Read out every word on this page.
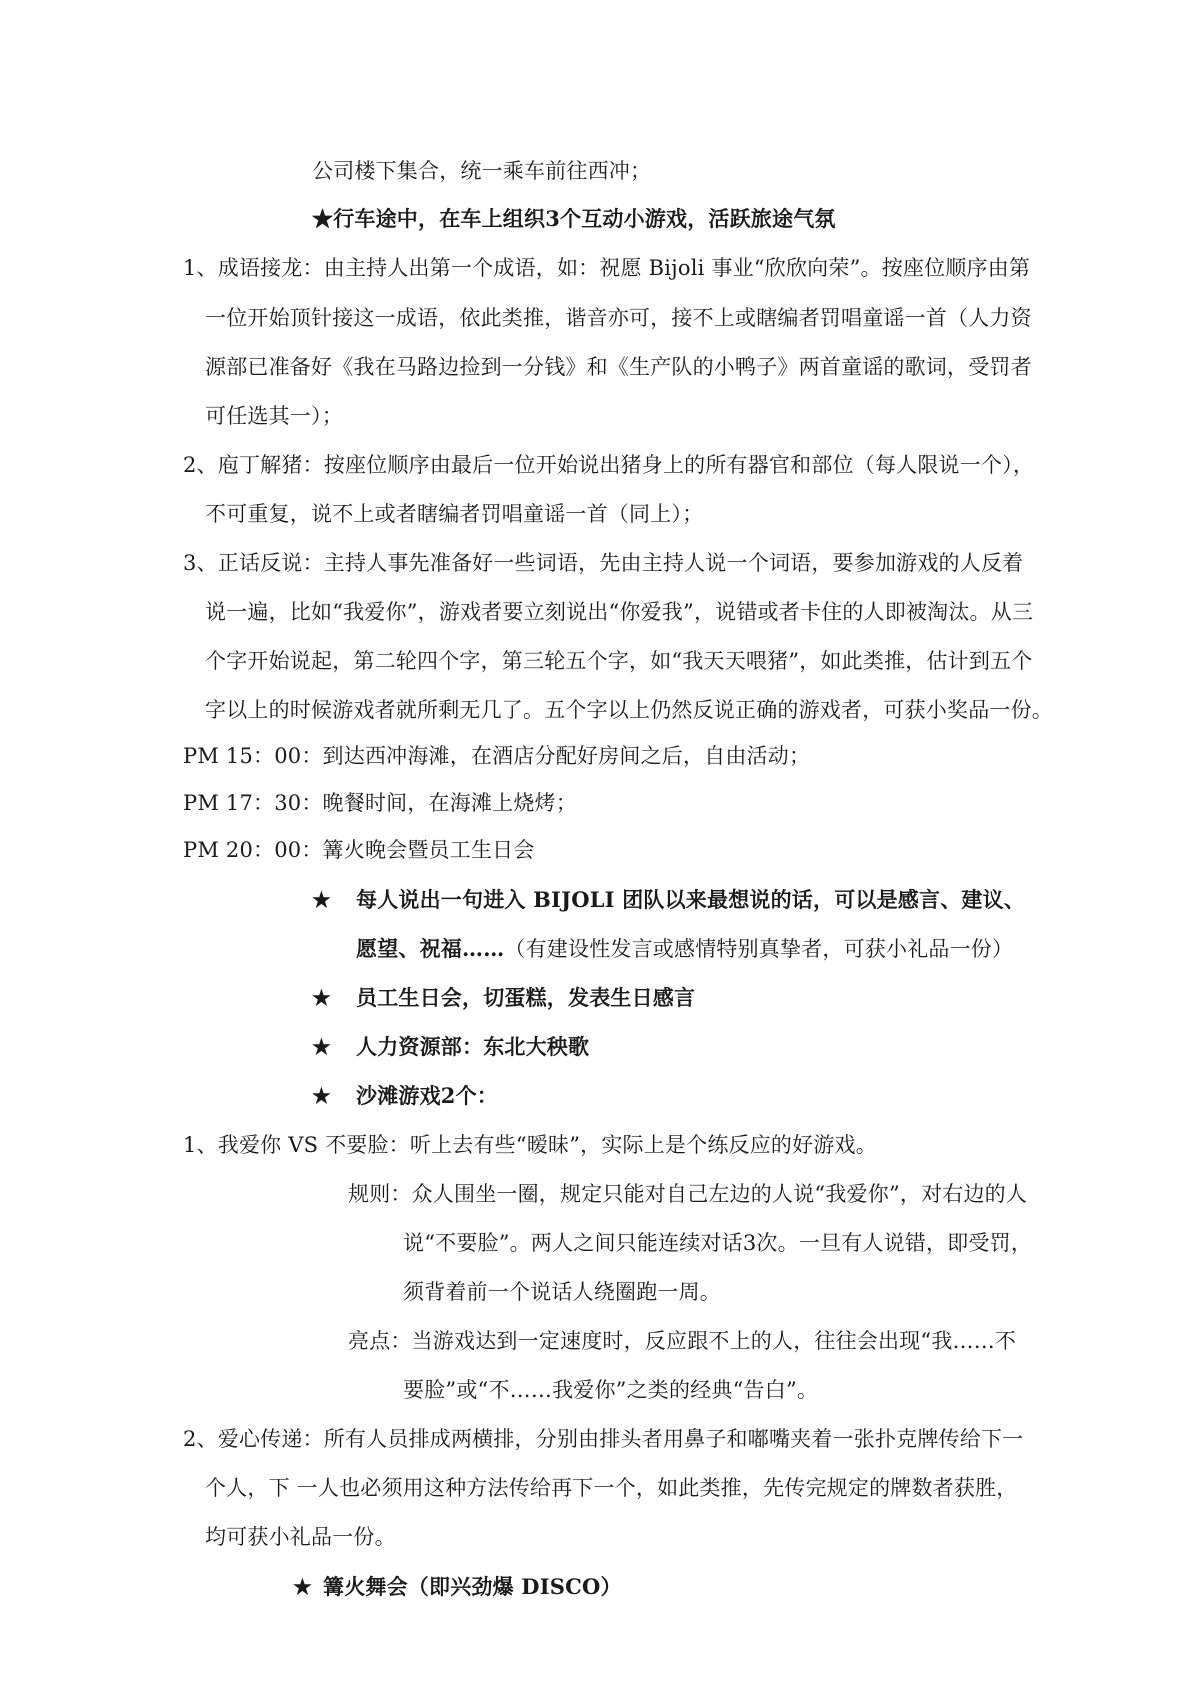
公司楼下集合，统一乘车前往西冲；
★行车途中，在车上组织3个互动小游戏，活跃旅途气氛
1、成语接龙：由主持人出第一个成语，如：祝愿 Bijoli 事业“欣欣向荣”。按座位顺序由第
一位开始顶针接这一成语，依此类推，谐音亦可，接不上或瞎编者罚唱童谣一首（人力资
源部已准备好《我在马路边捡到一分钱》和《生产队的小鸭子》两首童谣的歌词，受罚者
可任选其一）；
2、庖丁解猪：按座位顺序由最后一位开始说出猪身上的所有器官和部位（每人限说一个），
不可重复，说不上或者瞎编者罚唱童谣一首（同上）；
3、正话反说：主持人事先准备好一些词语，先由主持人说一个词语，要参加游戏的人反着
说一遍，比如“我爱你”，游戏者要立刻说出“你爱我”，说错或者卡住的人即被淘汰。从三
个字开始说起，第二轮四个字，第三轮五个字，如“我天天喂猪”，如此类推，估计到五个
字以上的时候游戏者就所剩无几了。五个字以上仍然反说正确的游戏者，可获小奖品一份。
PM 15：00：到达西冲海滩，在酒店分配好房间之后，自由活动；
PM 17：30：晚餐时间，在海滩上烧烤；
PM 20：00：篝火晚会暨员工生日会
★ 每人说出一句进入 BIJOLI 团队以来最想说的话，可以是感言、建议、
愿望、祝福……（有建设性发言或感情特别真挚者，可获小礼品一份）
★ 员工生日会，切蛋糕，发表生日感言
★ 人力资源部：东北大秧歌
★ 沙滩游戏2个：
1、我爱你 VS 不要脸：听上去有些“暧昧”，实际上是个练反应的好游戏。
规则：众人围坐一圈，规定只能对自己左边的人说“我爱你”，对右边的人
说“不要脸”。两人之间只能连续对话3次。一旦有人说错，即受罚，
须背着前一个说话人绕圈跑一周。
亮点：当游戏达到一定速度时，反应跟不上的人，往往会出现“我……不
要脸”或“不……我爱你”之类的经典“告白”。
2、爱心传递：所有人员排成两横排，分别由排头者用鼻子和嘟嘴夹着一张扑克牌传给下一
个人，下 一人也必须用这种方法传给再下一个，如此类推，先传完规定的牌数者获胜，
均可获小礼品一份。
★ 篝火舞会（即兴劲爆 DISCO）
